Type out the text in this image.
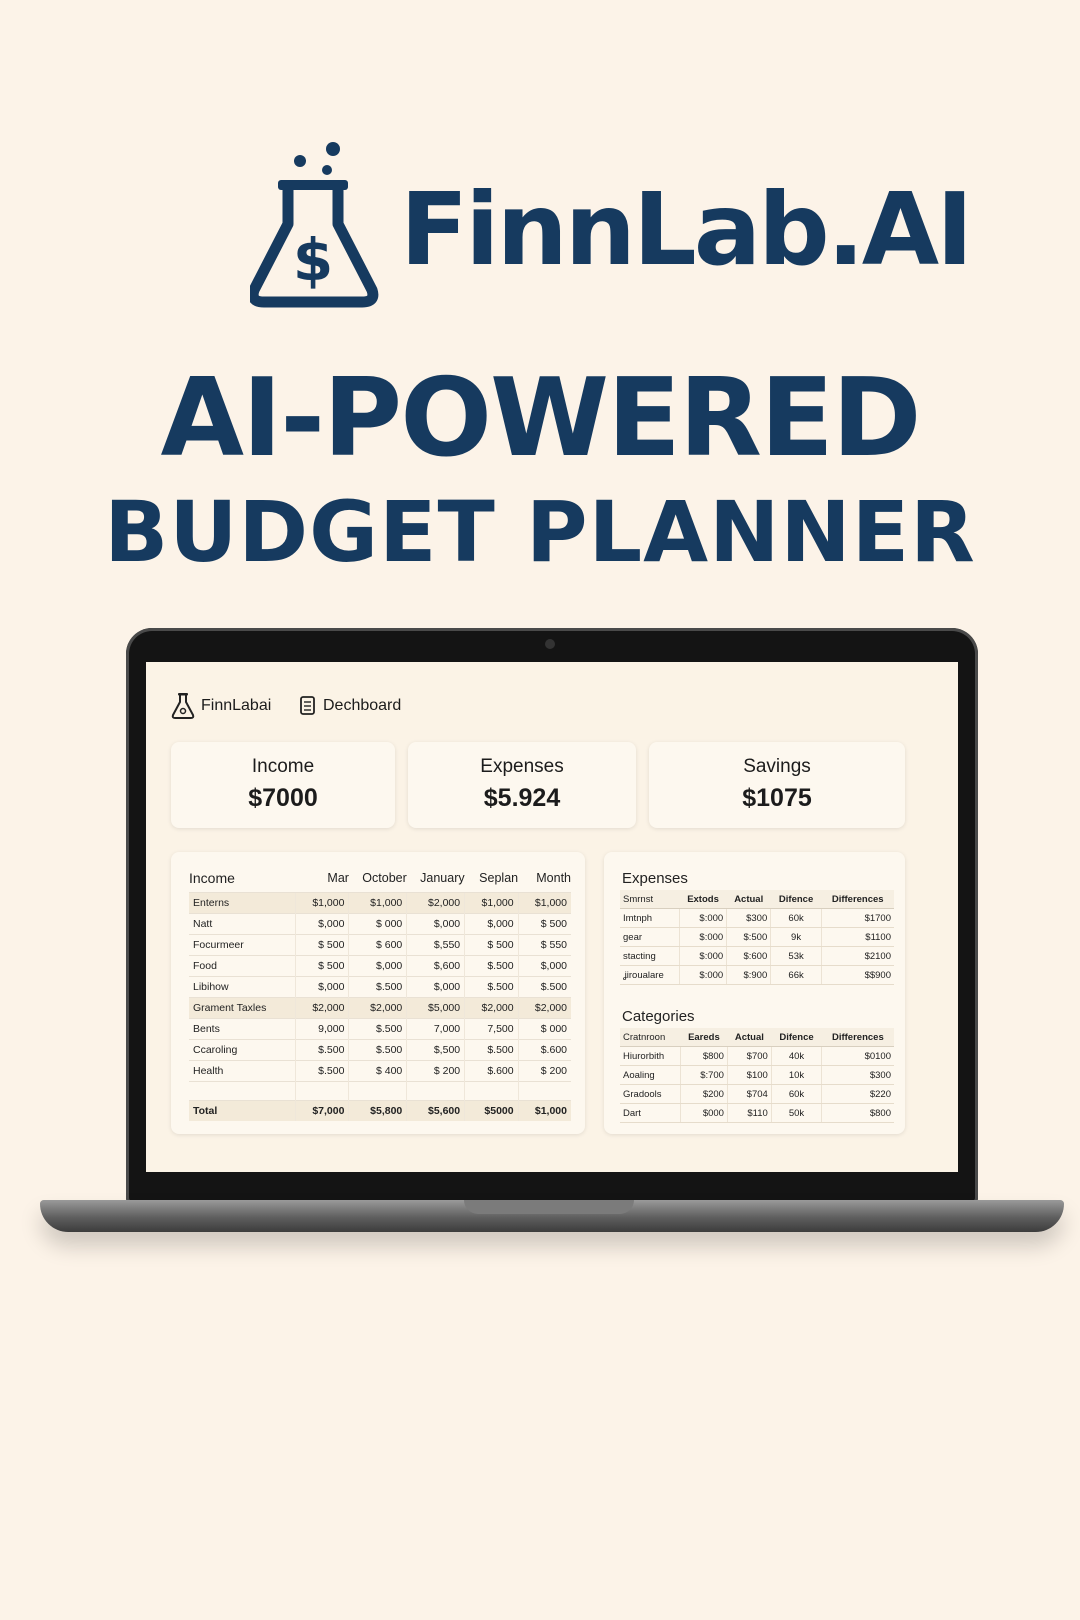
$ FinnLab.AI
AI-POWERED
BUDGET PLANNER
FinnLabai	Dechboard
Income
$7000
Expenses
$5.924
Savings
$1075
Income	Mar	October	January	Seplan	Month
Enterns	$1,000	$1,000	$2,000	$1,000	$1,000
Natt	$,000	$ 000	$,000	$,000	$ 500
Focurmeer	$ 500	$ 600	$,550	$ 500	$ 550
Food	$ 500	$,000	$,600	$.500	$,000
Libihow	$,000	$.500	$,000	$.500	$.500
Grament Taxles	$2,000	$2,000	$5,000	$2,000	$2,000
Bents	9,000	$.500	7,000	7,500	$ 000
Ccaroling	$.500	$.500	$,500	$.500	$.600
Health	$.500	$ 400	$ 200	$.600	$ 200

Total	$7,000	$5,800	$5,600	$5000	$1,000
Expenses
Smrnst	Extods	Actual	Difence	Differences
Imtnph	$:000	$300	60k	$1700
gear	$:000	$:500	9k	$1100
stacting	$:000	$:600	53k	$2100
ʝiroualare	$:000	$:900	66k	$$900
Categories
Cratnroon	Eareds	Actual	Difence	Differences
Hiurorbith	$800	$700	40k	$0100
Aoaling	$:700	$100	10k	$300
Gradools	$200	$704	60k	$220
Dart	$000	$110	50k	$800
